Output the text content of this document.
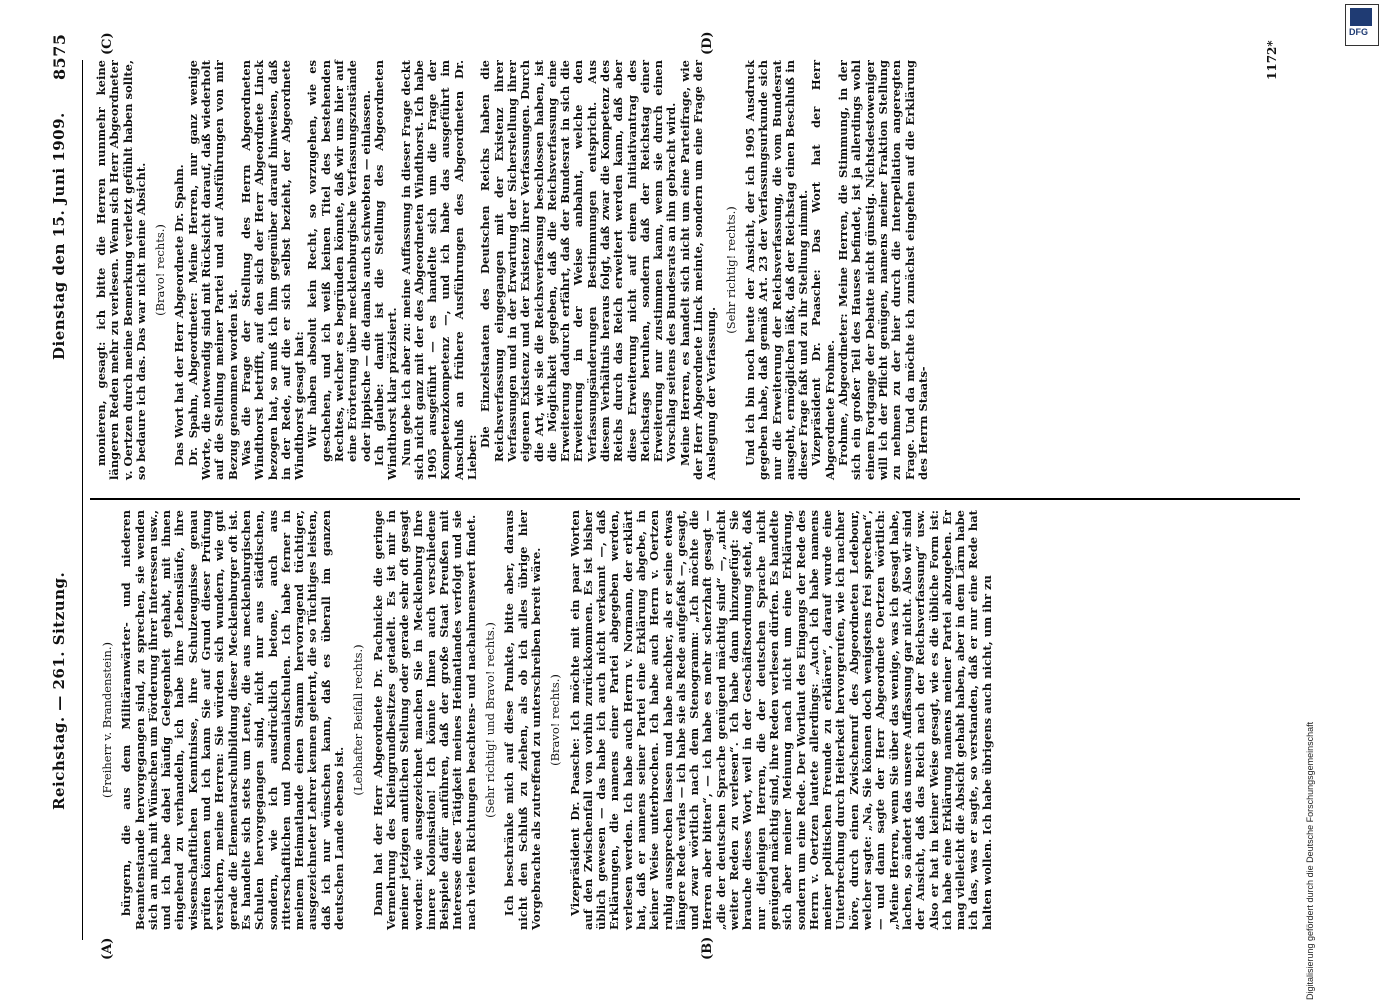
Reichstag. — 261. Sitzung.
Dienstag den 15. Juni 1909.
8575
(A)	(B)
(C)	(D)

(Freiherr v. Brandenstein.) bürgern, die aus dem Militäranwärter- und niederen Beamtenstande hervorgegangen sind, zu sprechen, sie wenden sich an mich mit Wünschen um Förderung ihrer Interessen usw., und ich habe dabei häufig Gelegenheit gehabt, mit ihnen eingehend zu verhandeln, ich habe ihre Lebensläufe, ihre wissenschaftlichen Kenntnisse, ihre Schulzeugnisse genau prüfen können und ich kann Sie auf Grund dieser Prüfung versichern, meine Herren: Sie würden sich wundern, wie gut gerade die Elementarschulbildung dieser Mecklenburger oft ist. Es handelte sich stets um Leute, die aus mecklenburgischen Schulen hervorgegangen sind, nicht nur aus städtischen, sondern, wie ich ausdrücklich betone, auch aus ritterschaftlichen und Domanialschulen. Ich habe ferner in meinem Heimatlande einen Stamm hervorragend tüchtiger, ausgezeichneter Lehrer kennen gelernt, die so Tüchtiges leisten, daß ich nur wünschen kann, daß es überall im ganzen deutschen Lande ebenso ist.

(Lebhafter Beifall rechts.) Dann hat der Herr Abgeordnete Dr. Pachnicke die geringe Vermehrung des Kleingrundbesitzes getadelt. Es ist mir in meiner jetzigen amtlichen Stellung oder gerade sehr oft gesagt worden: wie ausgezeichnet machen Sie in Mecklenburg Ihre innere Kolonisation! Ich könnte Ihnen auch verschiedene Beispiele dafür anführen, daß der große Staat Preußen mit Interesse diese Tätigkeit meines Heimatlandes verfolgt und sie nach vielen Richtungen beachtens- und nachahmenswert findet. (Sehr richtig! und Bravo! rechts.) Ich beschränke mich auf diese Punkte, bitte aber, daraus nicht den Schluß zu ziehen, als ob ich alles übrige hier Vorgebrachte als zutreffend zu unterschreiben bereit wäre. (Bravo! rechts.) Vizepräsident Dr. Paasche: Ich möchte mit ein paar Worten auf den Zwischenfall von vorhin zurückkommen. Es ist bisher üblich gewesen — das habe ich auch nicht verkannt —, daß Erklärungen, die namens einer Partei abgegeben werden, verlesen werden. Ich habe auch Herrn v. Normann, der erklärt hat, daß er namens seiner Partei eine Erklärung abgebe, in keiner Weise unterbrochen. Ich habe auch Herrn v. Oertzen ruhig aussprechen lassen und habe nachher, als er seine etwas längere Rede verlas — ich habe sie als Rede aufgefaßt —, gesagt, und zwar wörtlich nach dem Stenogramm: „Ich möchte die Herren aber bitten“, — ich habe es mehr scherzhaft gesagt — „die der deutschen Sprache genügend mächtig sind“ —, „nicht weiter Reden zu verlesen“. Ich habe dann hinzugefügt: Sie brauche dieses Wort, weil in der Geschäftsordnung steht, daß nur diejenigen Herren, die der deutschen Sprache nicht genügend mächtig sind, ihre Reden verlesen dürfen. Es handelte sich aber meiner Meinung nach nicht um eine Erklärung, sondern um eine Rede. Der Wortlaut des Eingangs der Rede des Herrn v. Oertzen lautete allerdings: „Auch ich habe namens meiner politischen Freunde zu erklären“, darauf wurde eine Unterbrechung durch Heiterkeit hervorgerufen, wie ich nachher höre, durch einen Zwischenruf des Abgeordneten Ledebour, welcher sagte: „Na, Sie können doch wenigstens frei sprechen“, — und dann sagte der Herr Abgeordnete Oertzen wörtlich: „Meine Herren, wenn Sie über das wenige, was ich gesagt habe, lachen, so ändert das unsere Auffassung gar nicht. Also wir sind der Ansicht, daß das Reich nach der Reichsverfassung“ usw. Also er hat in keiner Weise gesagt, wie es die übliche Form ist: ich habe eine Erklärung namens meiner Partei abzugeben. Er mag vielleicht die Absicht gehabt haben, aber in dem Lärm habe ich das, was er sagte, so verstanden, daß er nur eine Rede hat halten wollen. Ich habe übrigens auch nicht, um ihr zu

monieren, gesagt: ich bitte die Herren nunmehr keine längeren Reden mehr zu verlesen. Wenn sich Herr Abgeordneter v. Oertzen durch meine Bemerkung verletzt gefühlt haben sollte, so bedaure ich das. Das war nicht meine Absicht. (Bravo! rechts.) Das Wort hat der Herr Abgeordnete Dr. Spahn. Dr. Spahn, Abgeordneter: Meine Herren, nur ganz wenige Worte, die notwendig sind mit Rücksicht darauf, daß wiederholt auf die Stellung meiner Partei und auf Ausführungen von mir Bezug genommen worden ist. Was die Frage der Stellung des Herrn Abgeordneten Windthorst betrifft, auf den sich der Herr Abgeordnete Linck bezogen hat, so muß ich ihm gegenüber darauf hinweisen, daß in der Rede, auf die er sich selbst bezieht, der Abgeordnete Windthorst gesagt hat: Wir haben absolut kein Recht, so vorzugehen, wie es geschehen, und ich weiß keinen Titel des bestehenden Rechtes, welcher es begründen könnte, daß wir uns hier auf eine Erörterung über mecklenburgische Verfassungszustände oder lippische — die damals auch schwebten — einlassen. Ich glaube: damit ist die Stellung des Abgeordneten Windthorst klar präzisiert. Nun gebe ich aber zu: meine Auffassung in dieser Frage deckt sich nicht ganz mit der des Abgeordneten Windthorst. Ich habe 1905 ausgeführt — es handelte sich um die Frage der Kompetenzkompetenz —, und ich habe das ausgeführt im Anschluß an frühere Ausführungen des Abgeordneten Dr. Lieber:

Die Einzelstaaten des Deutschen Reichs haben die Reichsverfassung eingegangen mit der Existenz ihrer Verfassungen und in der Erwartung der Sicherstellung ihrer eigenen Existenz und der Existenz ihrer Verfassungen. Durch die Art, wie sie die Reichsverfassung beschlossen haben, ist die Möglichkeit gegeben, daß die Reichsverfassung eine Erweiterung dadurch erfährt, daß der Bundesrat in sich die Erweiterung in der Weise anbahnt, welche den Verfassungsänderungen Bestimmungen entspricht. Aus diesem Verhältnis heraus folgt, daß zwar die Kompetenz des Reichs durch das Reich erweitert werden kann, daß aber diese Erweiterung nicht auf einem Initiativantrag des Reichstags beruhen, sondern daß der Reichstag einer Erweiterung nur zustimmen kann, wenn sie durch einen Vorschlag seitens des Bundesrats an ihn gebracht wird. Meine Herren, es handelt sich nicht um eine Parteifrage, wie der Herr Abgeordnete Linck meinte, sondern um eine Frage der Auslegung der Verfassung.

(Sehr richtig! rechts.) Und ich bin noch heute der Ansicht, der ich 1905 Ausdruck gegeben habe, daß gemäß Art. 23 der Verfassungsurkunde sich nur die Erweiterung der Reichsverfassung, die vom Bundesrat ausgeht, ermöglichen läßt, daß der Reichstag einen Beschluß in dieser Frage faßt und zu ihr Stellung nimmt. Vizepräsident Dr. Paasche: Das Wort hat der Herr Abgeordnete Frohme. Frohme, Abgeordneter: Meine Herren, die Stimmung, in der sich ein großer Teil des Hauses befindet, ist ja allerdings wohl einem Fortgange der Debatte nicht günstig. Nichtsdestoweniger will ich der Pflicht genügen, namens meiner Fraktion Stellung zu nehmen zu der hier durch die Interpellation angeregten Frage. Und da möchte ich zunächst eingehen auf die Erklärung des Herrn Staats-

1172*
Digitalisierung gefördert durch die Deutsche Forschungsgemeinschaft
DFG
